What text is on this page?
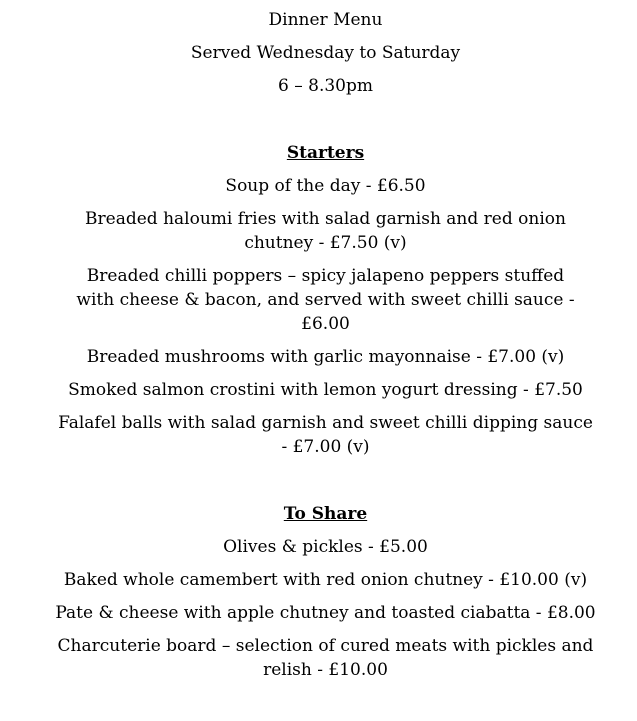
Dinner Menu

Served Wednesday to Saturday

6 – 8.30pm

Starters

Soup of the day - £6.50

Breaded haloumi fries with salad garnish and red onion chutney - £7.50 (v)

Breaded chilli poppers – spicy jalapeno peppers stuffed with cheese & bacon, and served with sweet chilli sauce - £6.00

Breaded mushrooms with garlic mayonnaise - £7.00 (v)

Smoked salmon crostini with lemon yogurt dressing - £7.50

Falafel balls with salad garnish and sweet chilli dipping sauce - £7.00 (v)

To Share

Olives & pickles - £5.00

Baked whole camembert with red onion chutney - £10.00 (v)

Pate & cheese with apple chutney and toasted ciabatta - £8.00

Charcuterie board – selection of cured meats with pickles and relish - £10.00
